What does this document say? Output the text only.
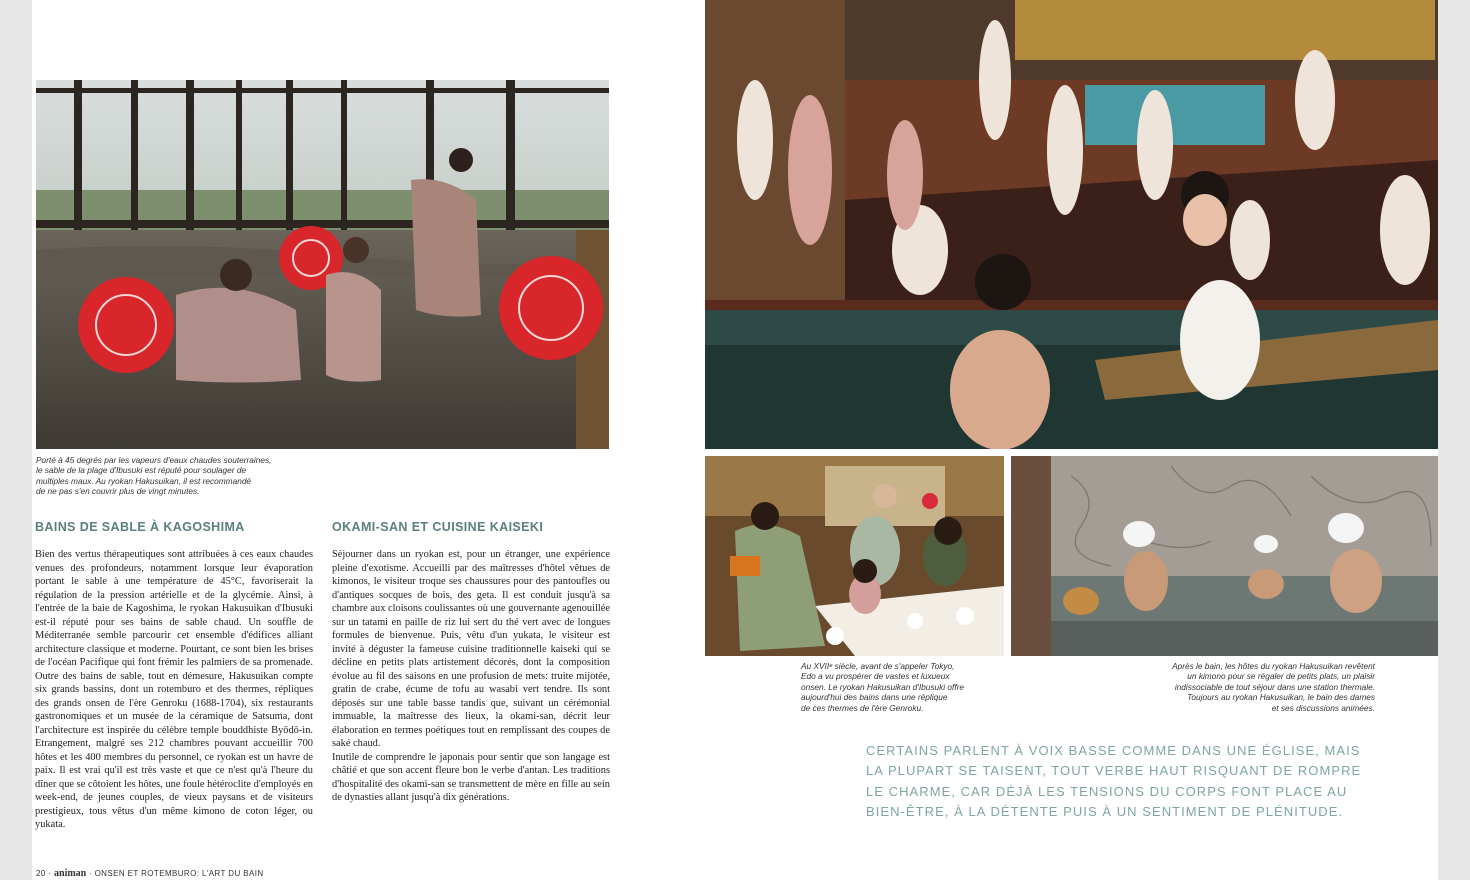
Porté à 45 degrés par les vapeurs d'eaux chaudes souterraines,
le sable de la plage d'Ibusuki est réputé pour soulager de
multiples maux. Au ryokan Hakusuikan, il est recommandé
de ne pas s'en couvrir plus de vingt minutes.
BAINS DE SABLE À KAGOSHIMA

Bien des vertus thérapeutiques sont attribuées à ces eaux chaudes venues des profondeurs, notamment lorsque leur évaporation portant le sable à une température de 45°C, favoriserait la régulation de la pression artérielle et de la glycémie. Ainsi, à l'entrée de la baie de Kagoshima, le ryokan Hakusuikan d'Ibusuki est-il réputé pour ses bains de sable chaud. Un souffle de Méditerranée semble parcourir cet ensemble d'édifices alliant architecture classique et moderne. Pourtant, ce sont bien les brises de l'océan Pacifique qui font frémir les palmiers de sa promenade. Outre des bains de sable, tout en démesure, Hakusuikan compte six grands bassins, dont un rotemburo et des thermes, répliques des grands onsen de l'ère Genroku (1688-1704), six restaurants gastronomiques et un musée de la céramique de Satsuma, dont l'architecture est inspirée du célèbre temple bouddhiste Byōdō-in. Etrangement, malgré ses 212 chambres pouvant accueillir 700 hôtes et les 400 membres du personnel, ce ryokan est un havre de paix. Il est vrai qu'il est très vaste et que ce n'est qu'à l'heure du dîner que se côtoient les hôtes, une foule hétéroclite d'employés en week-end, de jeunes couples, de vieux paysans et de visiteurs prestigieux, tous vêtus d'un même kimono de coton léger, ou yukata.

OKAMI-SAN ET CUISINE KAISEKI

Séjourner dans un ryokan est, pour un étranger, une expérience pleine d'exotisme. Accueilli par des maîtresses d'hôtel vêtues de kimonos, le visiteur troque ses chaussures pour des pantoufles ou d'antiques socques de bois, des geta. Il est conduit jusqu'à sa chambre aux cloisons coulissantes où une gouvernante agenouillée sur un tatami en paille de riz lui sert du thé vert avec de longues formules de bienvenue. Puis, vêtu d'un yukata, le visiteur est invité à déguster la fameuse cuisine traditionnelle kaiseki qui se décline en petits plats artistement décorés, dont la composition évolue au fil des saisons en une profusion de mets: truite mijotée, gratin de crabe, écume de tofu au wasabi vert tendre. Ils sont déposés sur une table basse tandis que, suivant un cérémonial immuable, la maîtresse des lieux, la okami-san, décrit leur élaboration en termes poétiques tout en remplissant des coupes de saké chaud.

Inutile de comprendre le japonais pour sentir que son langage est châtié et que son accent fleure bon le verbe d'antan. Les traditions d'hospitalité des okami-san se transmettent de mère en fille au sein de dynasties allant jusqu'à dix générations.

Au XVIIᵉ siècle, avant de s'appeler Tokyo,
Edo a vu prospérer de vastes et luxueux
onsen. Le ryokan Hakusuikan d'Ibusuki offre
aujourd'hui des bains dans une réplique
de ces thermes de l'ère Genroku.
Après le bain, les hôtes du ryokan Hakusuikan revêtent
un kimono pour se régaler de petits plats, un plaisir
indissociable de tout séjour dans une station thermale.
Toujours au ryokan Hakusuikan, le bain des dames
et ses discussions animées.
CERTAINS PARLENT À VOIX BASSE COMME DANS UNE ÉGLISE, MAIS
LA PLUPART SE TAISENT, TOUT VERBE HAUT RISQUANT DE ROMPRE
LE CHARME, CAR DÉJÀ LES TENSIONS DU CORPS FONT PLACE AU
BIEN-ÊTRE, À LA DÉTENTE PUIS À UN SENTIMENT DE PLÉNITUDE.
20 · animan · ONSEN ET ROTEMBURO: L'ART DU BAIN
